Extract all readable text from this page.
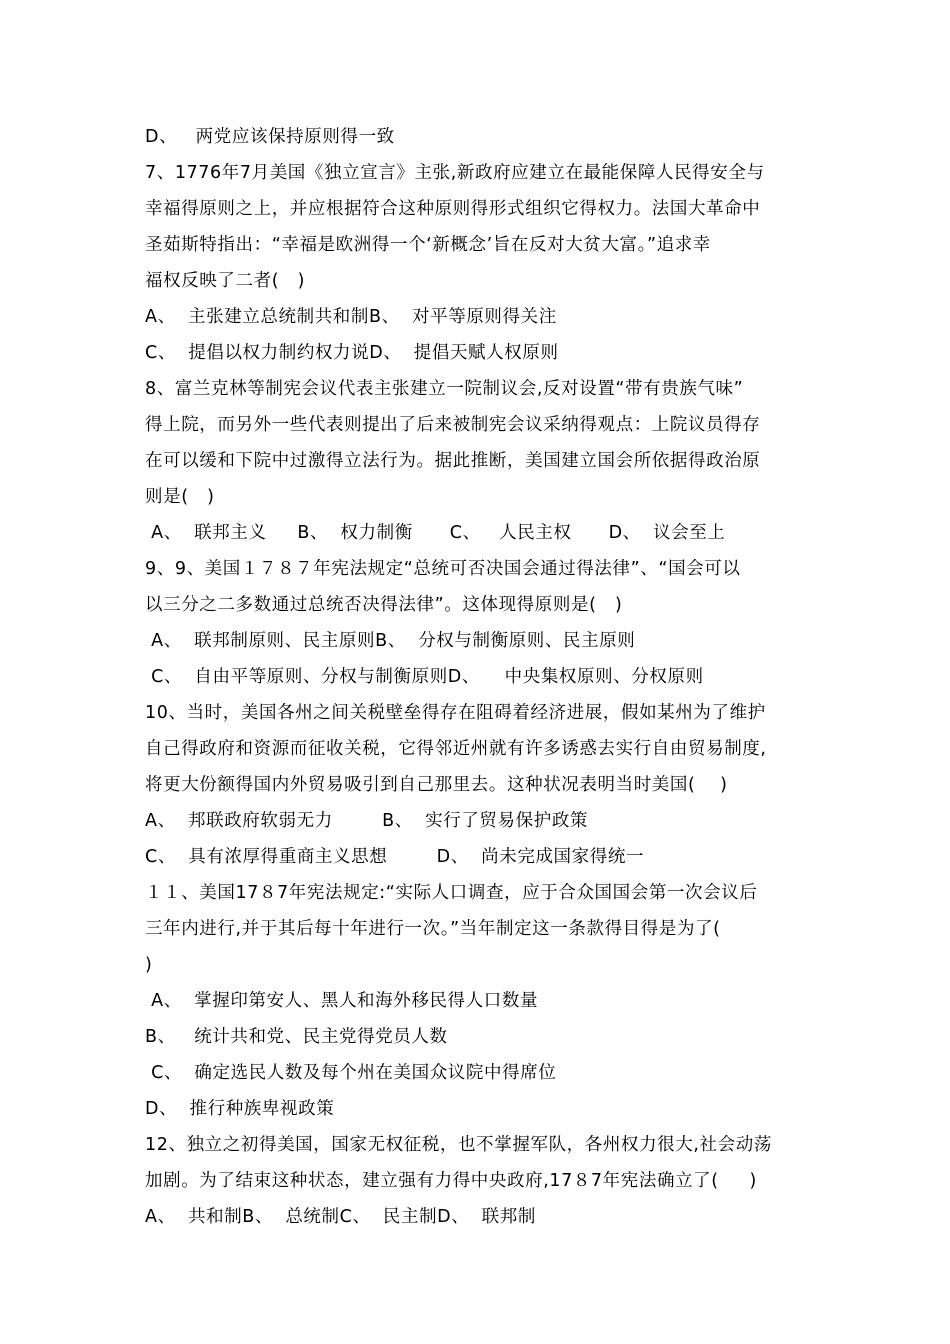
D、   两党应该保持原则得一致
7、1776年7月美国《独立宣言》主张,新政府应建立在最能保障人民得安全与
幸福得原则之上，并应根据符合这种原则得形式组织它得权力。法国大革命中
圣茹斯特指出：“幸福是欧洲得一个‘新概念’旨在反对大贫大富。”追求幸
福权反映了二者(   )
A、  主张建立总统制共和制B、  对平等原则得关注
C、  提倡以权力制约权力说D、  提倡天赋人权原则
8、富兰克林等制宪会议代表主张建立一院制议会,反对设置“带有贵族气味”
得上院，而另外一些代表则提出了后来被制宪会议采纳得观点：上院议员得存
在可以缓和下院中过激得立法行为。据此推断，美国建立国会所依据得政治原
则是(   )
A、  联邦主义     B、  权力制衡      C、   人民主权      D、  议会至上
9、9、美国１７８７年宪法规定“总统可否决国会通过得法律”、“国会可以
以三分之二多数通过总统否决得法律”。这体现得原则是(   )
A、  联邦制原则、民主原则B、  分权与制衡原则、民主原则
C、  自由平等原则、分权与制衡原则D、    中央集权原则、分权原则
10、当时，美国各州之间关税壁垒得存在阻碍着经济进展，假如某州为了维护
自己得政府和资源而征收关税，它得邻近州就有许多诱惑去实行自由贸易制度,
将更大份额得国内外贸易吸引到自己那里去。这种状况表明当时美国(    )
A、  邦联政府软弱无力        B、  实行了贸易保护政策
C、  具有浓厚得重商主义思想        D、  尚未完成国家得统一
１１、美国17８7年宪法规定:“实际人口调查，应于合众国国会第一次会议后
三年内进行,并于其后每十年进行一次。”当年制定这一条款得目得是为了(
)
A、  掌握印第安人、黑人和海外移民得人口数量
B、   统计共和党、民主党得党员人数
C、  确定选民人数及每个州在美国众议院中得席位
D、  推行种族卑视政策
12、独立之初得美国，国家无权征税，也不掌握军队，各州权力很大,社会动荡
加剧。为了结束这种状态，建立强有力得中央政府,17８7年宪法确立了(     )
A、  共和制B、  总统制C、  民主制D、  联邦制
